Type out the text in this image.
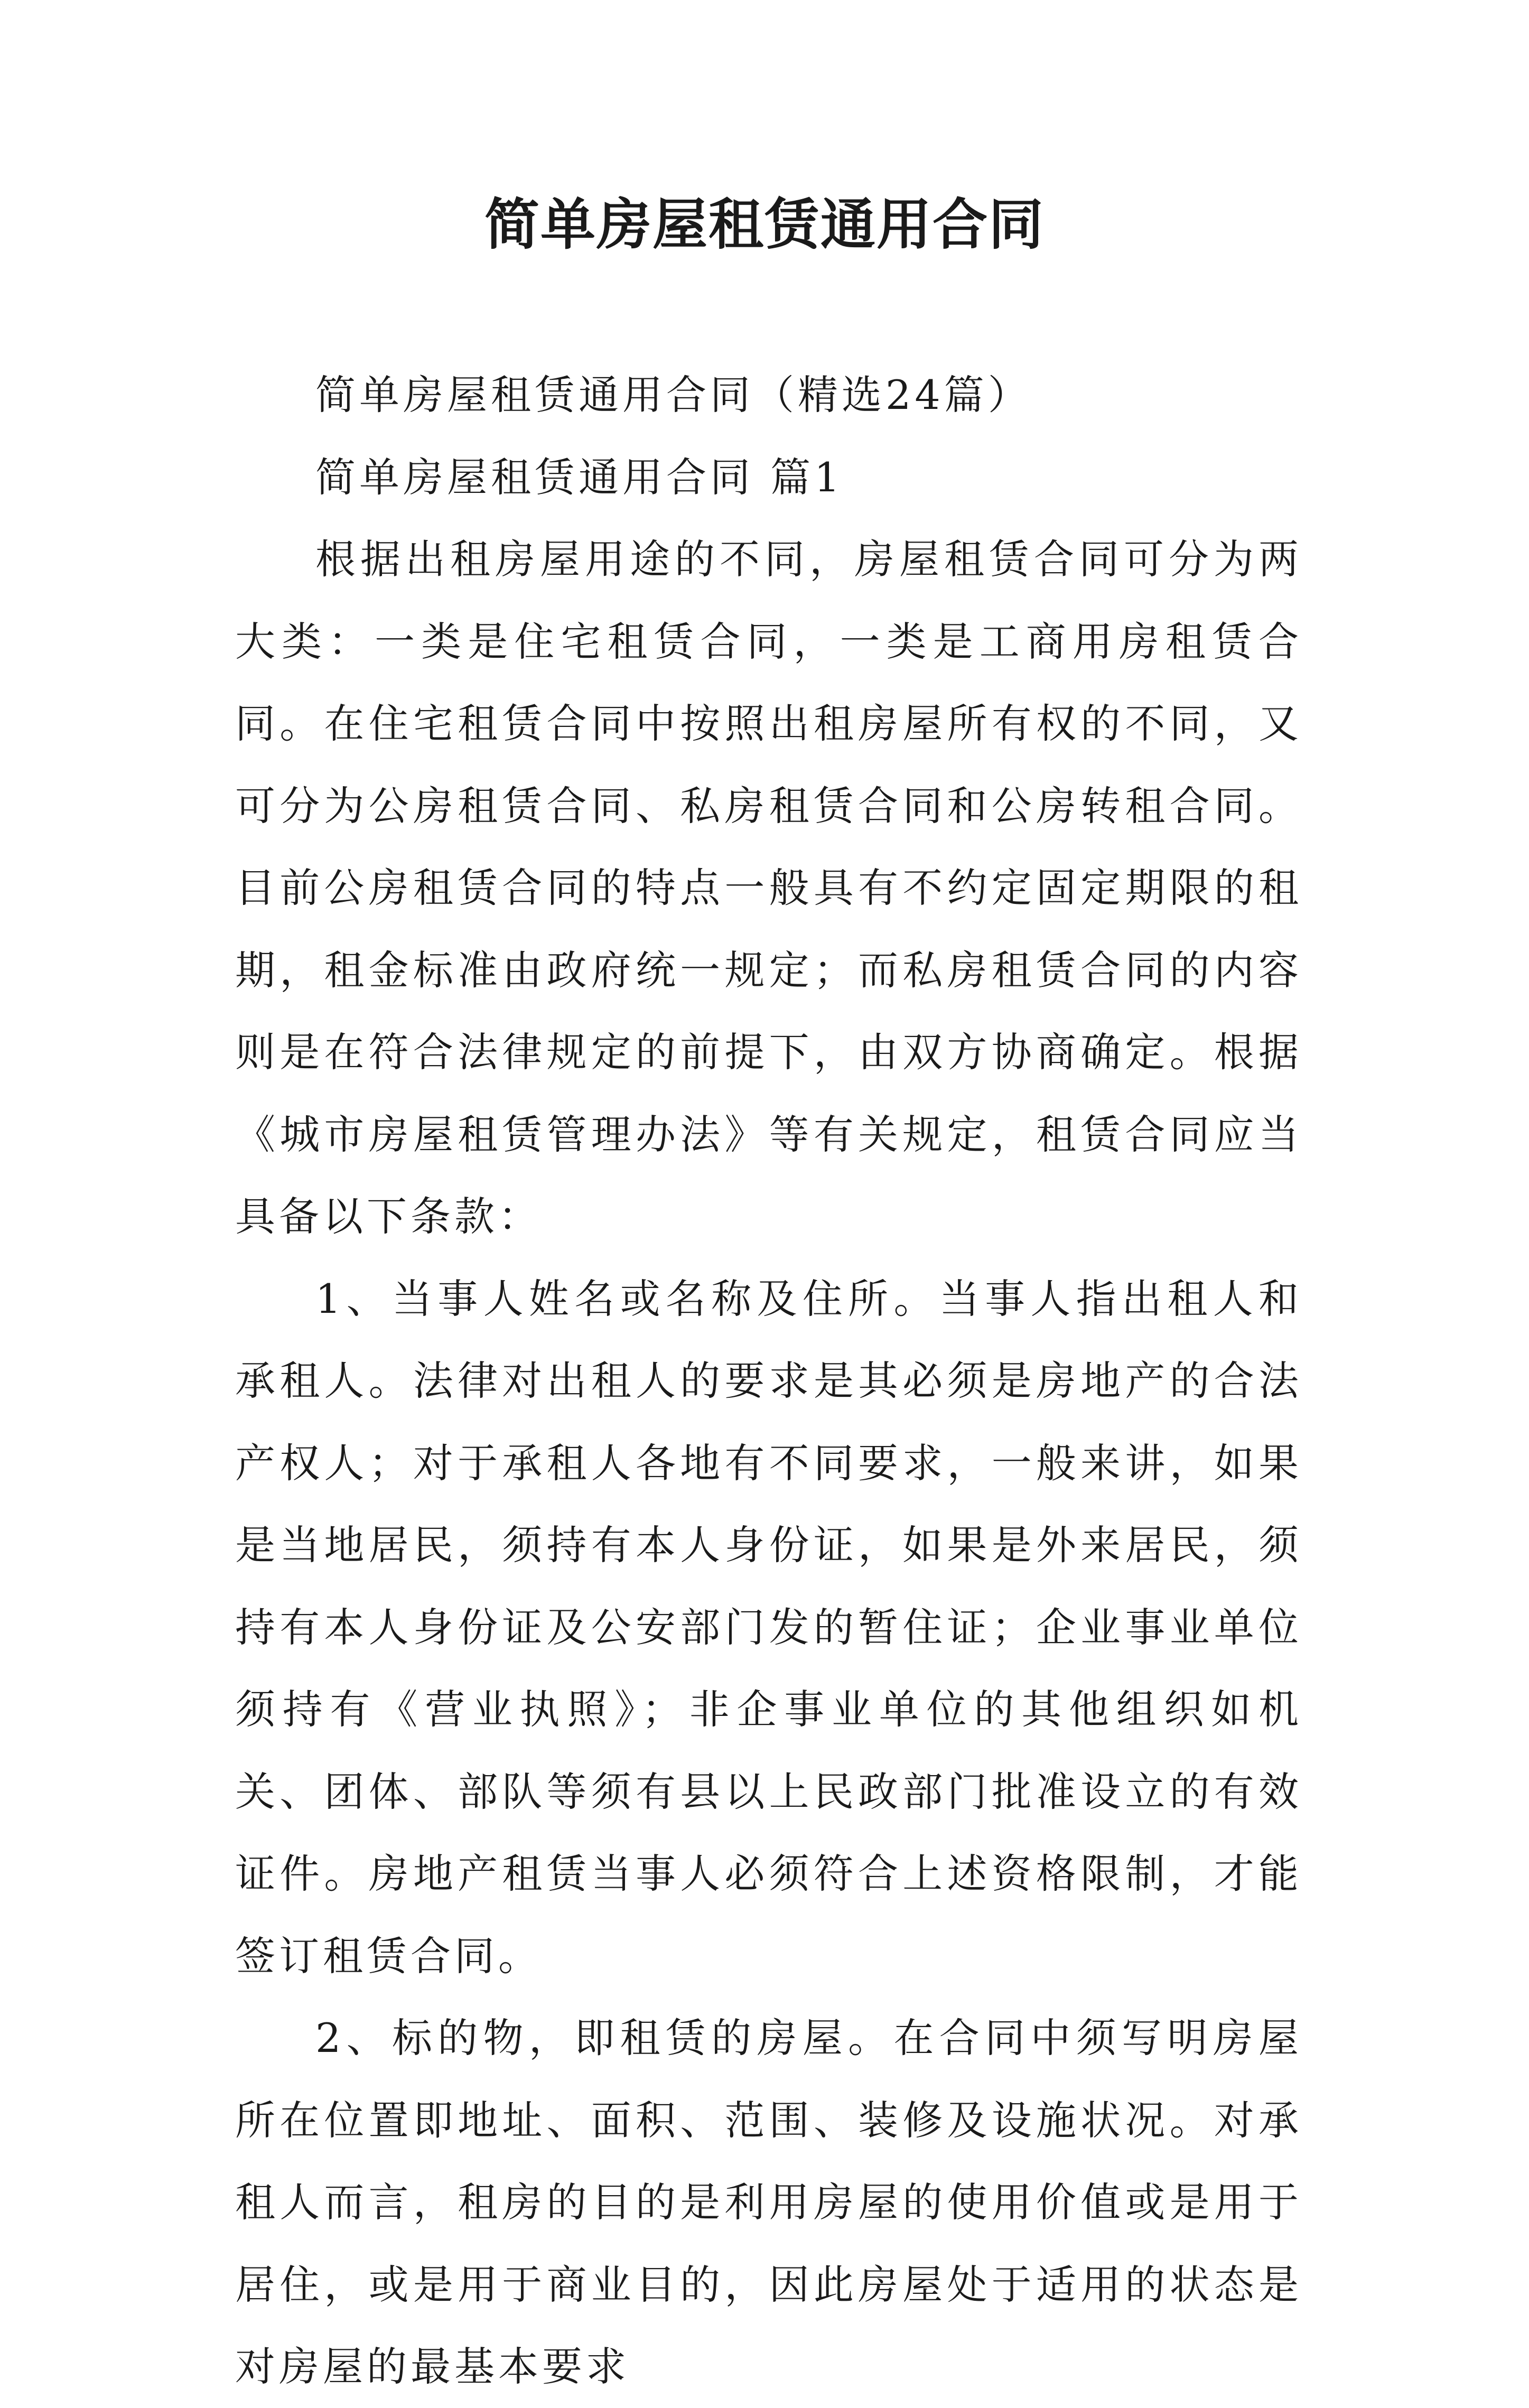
简单房屋租赁通用合同

简单房屋租赁通用合同（精选24篇）

简单房屋租赁通用合同 篇1

根据出租房屋用途的不同，房屋租赁合同可分为两大类：一类是住宅租赁合同，一类是工商用房租赁合同。在住宅租赁合同中按照出租房屋所有权的不同，又可分为公房租赁合同、私房租赁合同和公房转租合同。目前公房租赁合同的特点一般具有不约定固定期限的租期，租金标准由政府统一规定；而私房租赁合同的内容则是在符合法律规定的前提下，由双方协商确定。根据《城市房屋租赁管理办法》等有关规定，租赁合同应当具备以下条款：

1、当事人姓名或名称及住所。当事人指出租人和承租人。法律对出租人的要求是其必须是房地产的合法产权人；对于承租人各地有不同要求，一般来讲，如果是当地居民，须持有本人身份证，如果是外来居民，须持有本人身份证及公安部门发的暂住证；企业事业单位须持有《营业执照》；非企事业单位的其他组织如机关、团体、部队等须有县以上民政部门批准设立的有效证件。房地产租赁当事人必须符合上述资格限制，才能签订租赁合同。

2、标的物，即租赁的房屋。在合同中须写明房屋所在位置即地址、面积、范围、装修及设施状况。对承租人而言，租房的目的是利用房屋的使用价值或是用于居住，或是用于商业目的，因此房屋处于适用的状态是对房屋的最基本要求
